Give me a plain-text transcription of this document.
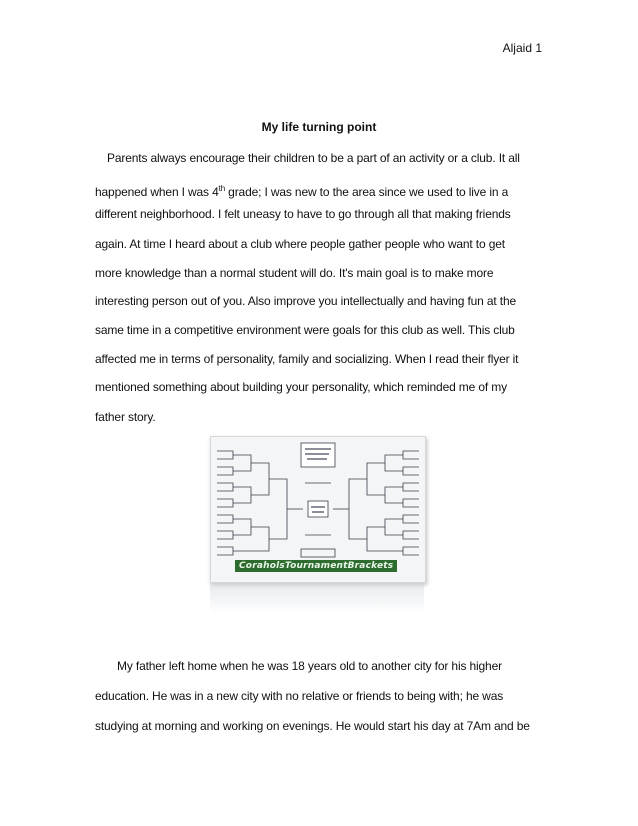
Aljaid 1
My life turning point
Parents always encourage their children to be a part of an activity or a club. It all
happened when I was 4th grade; I was new to the area since we used to live in a
different neighborhood. I felt uneasy to have to go through all that making friends
again. At time I heard about a club where people gather people who want to get
more knowledge than a normal student will do. It's main goal is to make more
interesting person out of you. Also improve you intellectually and having fun at the
same time in a competitive environment were goals for this club as well. This club
affected me in terms of personality, family and socializing. When I read their flyer it
mentioned something about building your personality, which reminded me of my
father story.
CoraholsTournamentBrackets
My father left home when he was 18 years old to another city for his higher
education. He was in a new city with no relative or friends to being with; he was
studying at morning and working on evenings. He would start his day at 7Am and be
